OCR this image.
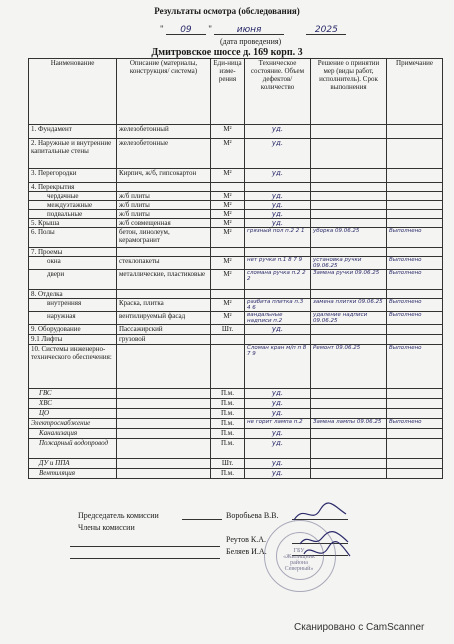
Результаты осмотра (обследования)
" 09 "	июня	2025
(дата проведения)
Дмитровское шоссе д. 169 корп. 3
Наименование	Описание (материалы, конструкция/ система)	Еди-ница изме-рения	Техническое состояние. Объем дефектов/ количество	Решение о принятии мер (виды работ, исполнитель). Срок выполнения	Примечание
1. Фундамент	железобетонный	М²	уд.		
2. Наружные и внутренние капитальные стены	железобетонные	М²	уд.		
3. Перегородки	Кирпич, ж/б, гипсокартон	М²	уд.		
4. Перекрытия					
чердачные	ж/б плиты	М²	уд.		
междуэтажные	ж/б плиты	М²	уд.		
подвальные	ж/б плиты	М²	уд.		
5. Крыша	ж/б совмещенная	М²	уд.		
6. Полы	бетон, линолеум, керамогранит	М²	грязный пол п.2 2 1	уборка 09.06.25	Выполнено
7. Проемы					
окна	стеклопакеты	М²	нет ручки п.1 8 7 9	установка ручки 09.06.25	Выполнено
двери	металлические, пластиковые	М²	сломана ручка п.2 2 2	Замена ручки 09.06.25	Выполнено
8. Отделка					
внутренняя	Краска, плитка	М²	разбита плитка п.3 4 6	замена плитки 09.06.25	Выполнено
наружная	вентилируемый фасад	М²	вандальные надписи п.2	удаление надписи 09.06.25	Выполнено
9. Оборудование	Пассажирский	Шт.	уд.		
9.1 Лифты	грузовой				
10. Системы инженерно-технического обеспечения:			Сломан кран м/п п 8 7 9	Ремонт 09.06.25	Выполнено
ГВС		П.м.	уд.		
ХВС		П.м.	уд.		
ЦО		П.м.	уд.		
Электроснабжение		П.м.	не горит лампа п.2	Замена лампы 09.06.25	Выполнено
Канализация		П.м.	уд.		
Пожарный водопровод		П.м.	уд.		
ДУ и ППА		Шт.	уд.		
Вентиляция		П.м.	уд.		
Председатель комиссии	Воробьева В.В.
Члены комиссии
Реутов К.А.
Беляев И.А.	ГБУ «Жилищник района Северный»
Сканировано с CamScanner
